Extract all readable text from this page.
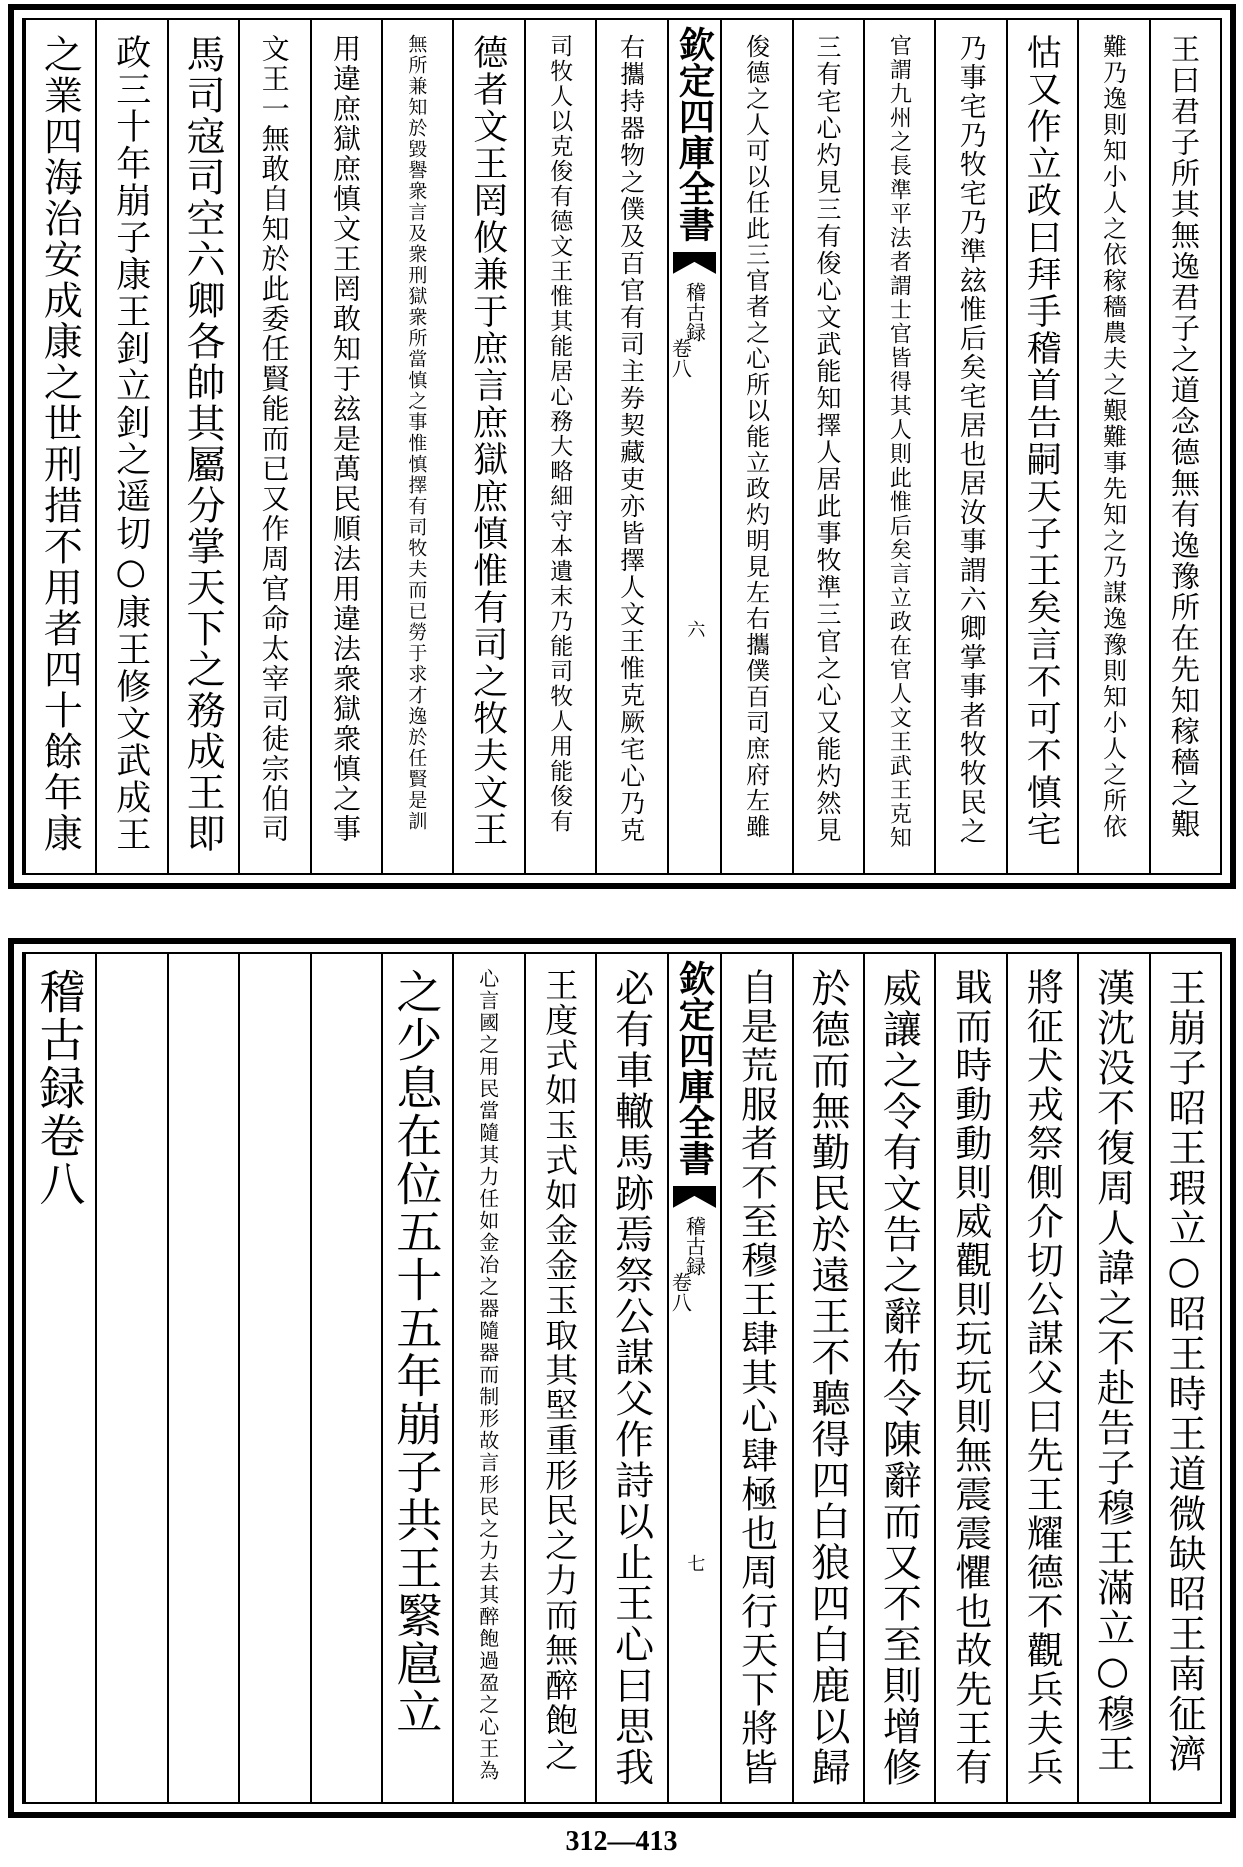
王曰君子所其無逸君子之道念德無有逸豫所在先知稼穡之艱
難乃逸則知小人之依稼穡農夫之艱難事先知之乃謀逸豫則知小人之所依
怙又作立政曰拜手稽首告嗣天子王矣言不可不慎宅
乃事宅乃牧宅乃準玆惟后矣宅居也居汝事謂六卿掌事者牧牧民之
官謂九州之長準平法者謂士官皆得其人則此惟后矣言立政在官人文王武王克知
三有宅心灼見三有俊心文武能知擇人居此事牧準三官之心又能灼然見
俊德之人可以任此三官者之心所以能立政灼明見左右攜僕百司庶府左雖
欽定四庫全書
稽古録
卷八
六
右攜持器物之僕及百官有司主券契藏吏亦皆擇人文王惟克厥宅心乃克
司牧人以克俊有德文王惟其能居心務大略細守本遺末乃能司牧人用能俊有
德者文王罔攸兼于庶言庶獄庶慎惟有司之牧夫文王
無所兼知於毀譽衆言及衆刑獄衆所當慎之事惟慎擇有司牧夫而已勞于求才逸於任賢是訓
用違庶獄庶慎文王罔敢知于玆是萬民順法用違法衆獄衆慎之事
文王一無敢自知於此委任賢能而已又作周官命太宰司徒宗伯司
馬司寇司空六卿各帥其屬分掌天下之務成王即
政三十年崩子康王釗立釗之遥切○康王修文武成王
之業四海治安成康之世刑措不用者四十餘年康
王崩子昭王瑕立○昭王時王道微缺昭王南征濟
漢沈没不復周人諱之不赴告子穆王滿立○穆王
將征犬戎祭側介切公謀父曰先王耀德不觀兵夫兵
戢而時動動則威觀則玩玩則無震震懼也故先王有
威讓之令有文告之辭布令陳辭而又不至則增修
於德而無勤民於遠王不聽得四白狼四白鹿以歸
自是荒服者不至穆王肆其心肆極也周行天下將皆
欽定四庫全書
稽古録
卷八
七
必有車轍馬跡焉祭公謀父作詩以止王心曰思我
王度式如玉式如金金玉取其堅重形民之力而無醉飽之
心言國之用民當隨其力任如金冶之器隨器而制形故言形民之力去其醉飽過盈之心王為
之少息在位五十五年崩子共王繄扈立
稽古録卷八
312—413
